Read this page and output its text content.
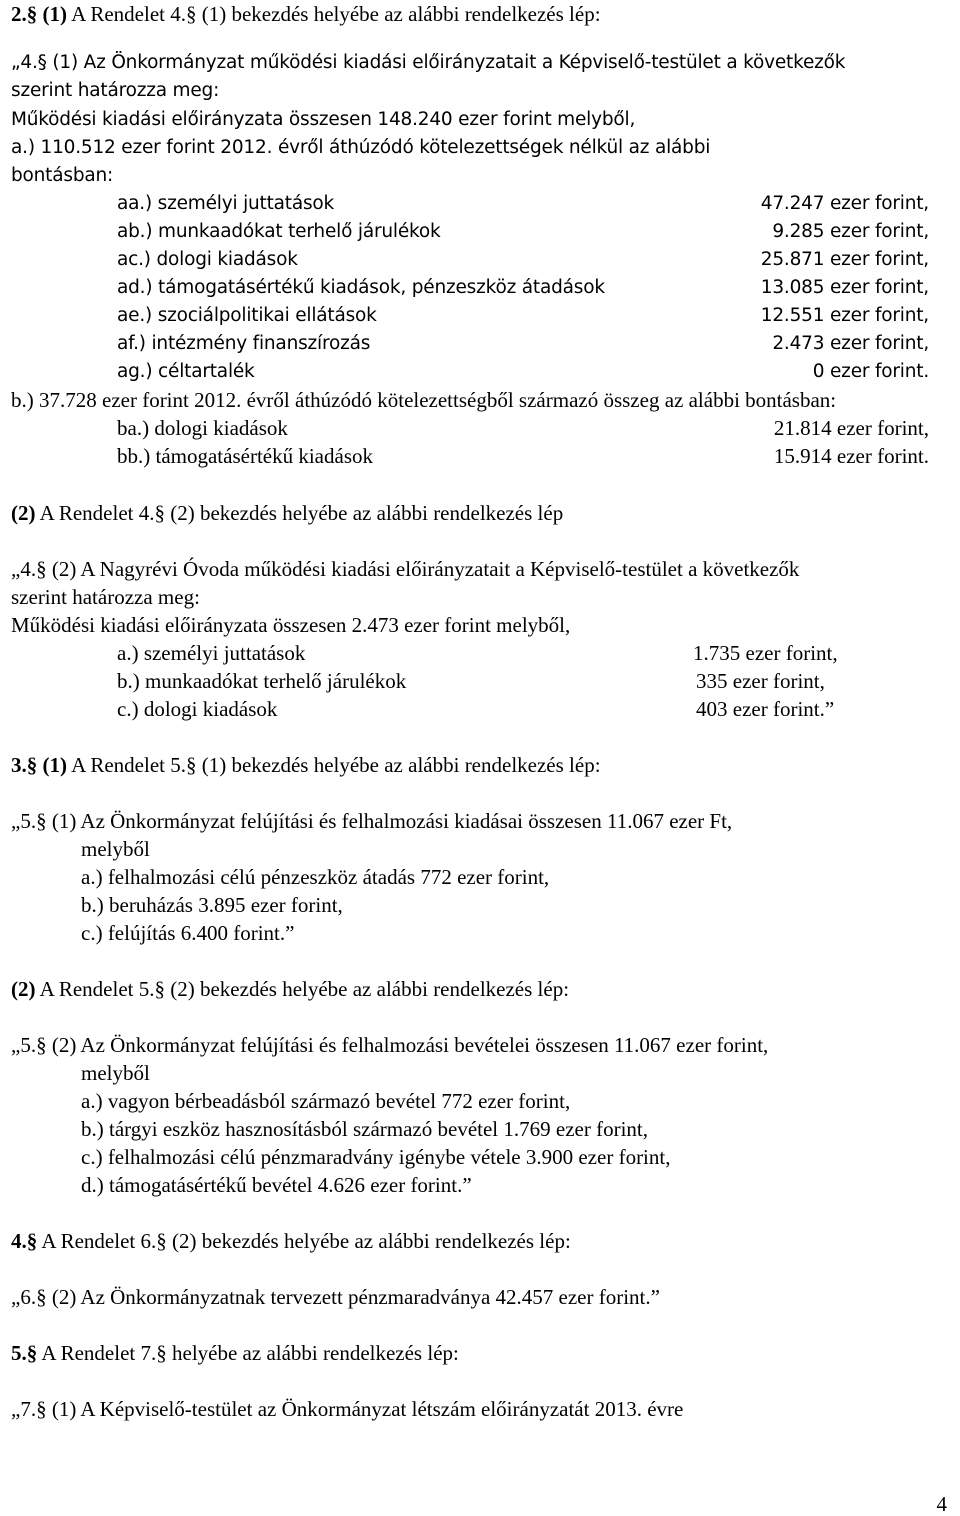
2.§ (1) A Rendelet 4.§ (1) bekezdés helyébe az alábbi rendelkezés lép:
„4.§ (1) Az Önkormányzat működési kiadási előirányzatait a Képviselő-testület a következők
szerint határozza meg:
Működési kiadási előirányzata összesen 148.240 ezer forint melyből,
a.) 110.512 ezer forint 2012. évről áthúzódó kötelezettségek nélkül az alábbi
bontásban:
aa.) személyi juttatások	47.247 ezer forint,
ab.) munkaadókat terhelő járulékok	9.285 ezer forint,
ac.) dologi kiadások	25.871 ezer forint,
ad.) támogatásértékű kiadások, pénzeszköz átadások	13.085 ezer forint,
ae.) szociálpolitikai ellátások	12.551 ezer forint,
af.) intézmény finanszírozás	2.473 ezer forint,
ag.) céltartalék	0 ezer forint.
b.) 37.728 ezer forint 2012. évről áthúzódó kötelezettségből származó összeg az alábbi bontásban:
ba.) dologi kiadások	21.814 ezer forint,
bb.) támogatásértékű kiadások	15.914 ezer forint.
(2) A Rendelet 4.§ (2) bekezdés helyébe az alábbi rendelkezés lép
„4.§ (2) A Nagyrévi Óvoda működési kiadási előirányzatait a Képviselő-testület a következők
szerint határozza meg:
Működési kiadási előirányzata összesen 2.473 ezer forint melyből,
a.) személyi juttatások	1.735 ezer forint,
b.) munkaadókat terhelő járulékok	335 ezer forint,
c.) dologi kiadások	403 ezer forint.”
3.§ (1) A Rendelet 5.§ (1) bekezdés helyébe az alábbi rendelkezés lép:
„5.§ (1) Az Önkormányzat felújítási és felhalmozási kiadásai összesen 11.067 ezer Ft,
melyből
a.) felhalmozási célú pénzeszköz átadás 772 ezer forint,
b.) beruházás 3.895 ezer forint,
c.) felújítás 6.400 forint.”
(2) A Rendelet 5.§ (2) bekezdés helyébe az alábbi rendelkezés lép:
„5.§ (2) Az Önkormányzat felújítási és felhalmozási bevételei összesen 11.067 ezer forint,
melyből
a.) vagyon bérbeadásból származó bevétel 772 ezer forint,
b.) tárgyi eszköz hasznosításból származó bevétel 1.769 ezer forint,
c.) felhalmozási célú pénzmaradvány igénybe vétele 3.900 ezer forint,
d.) támogatásértékű bevétel 4.626 ezer forint.”
4.§ A Rendelet 6.§ (2) bekezdés helyébe az alábbi rendelkezés lép:
„6.§ (2) Az Önkormányzatnak tervezett pénzmaradványa 42.457 ezer forint.”
5.§ A Rendelet 7.§ helyébe az alábbi rendelkezés lép:
„7.§ (1) A Képviselő-testület az Önkormányzat létszám előirányzatát 2013. évre
4
